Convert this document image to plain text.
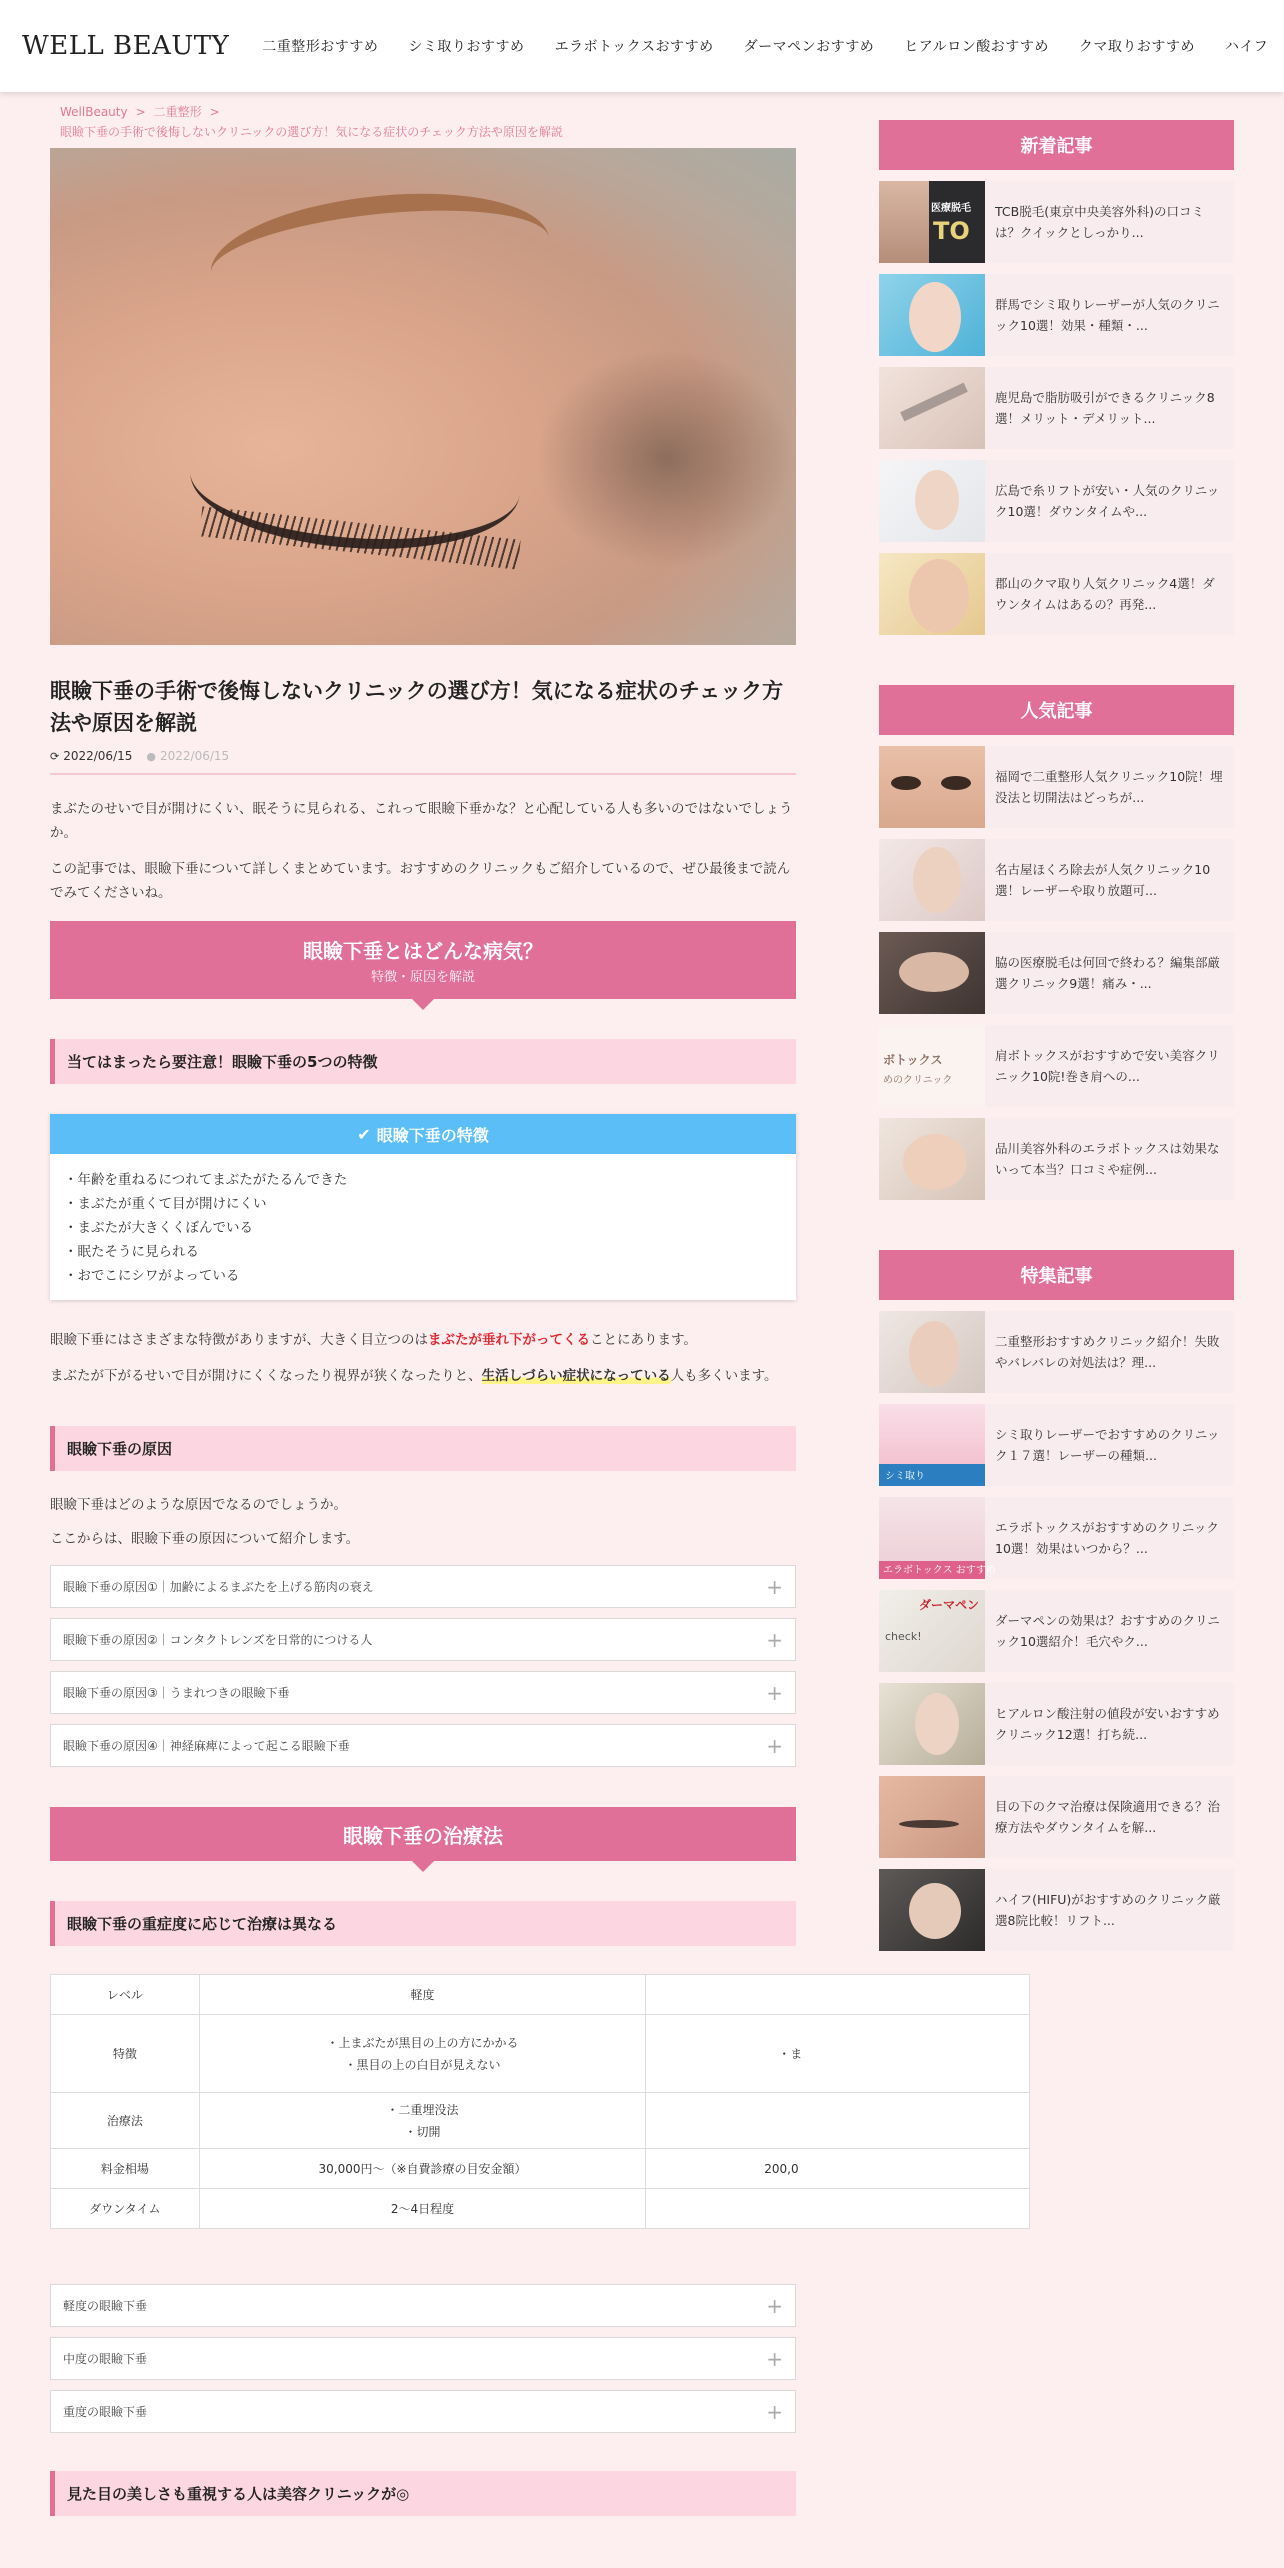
WELL BEAUTY	二重整形おすすめ	シミ取りおすすめ	エラボトックスおすすめ	ダーマペンおすすめ	ヒアルロン酸おすすめ	クマ取りおすすめ	ハイフ
WellBeauty > 二重整形 >
眼瞼下垂の手術で後悔しないクリニックの選び方！気になる症状のチェック方法や原因を解説
眼瞼下垂の手術で後悔しないクリニックの選び方！気になる症状のチェック方法や原因を解説
⟳ 2022/06/15 ● 2022/06/15

まぶたのせいで目が開けにくい、眠そうに見られる、これって眼瞼下垂かな？と心配している人も多いのではないでしょうか。

この記事では、眼瞼下垂について詳しくまとめています。おすすめのクリニックもご紹介しているので、ぜひ最後まで読んでみてくださいね。

眼瞼下垂とはどんな病気？
特徴・原因を解説
当てはまったら要注意！眼瞼下垂の5つの特徴
✔ 眼瞼下垂の特徴
・年齢を重ねるにつれてまぶたがたるんできた
・まぶたが重くて目が開けにくい
・まぶたが大きくくぼんでいる
・眠たそうに見られる
・おでこにシワがよっている

眼瞼下垂にはさまざまな特徴がありますが、大きく目立つのはまぶたが垂れ下がってくることにあります。

まぶたが下がるせいで目が開けにくくなったり視界が狭くなったりと、生活しづらい症状になっている人も多くいます。

眼瞼下垂の原因

眼瞼下垂はどのような原因でなるのでしょうか。

ここからは、眼瞼下垂の原因について紹介します。

眼瞼下垂の原因①｜加齢によるまぶたを上げる筋肉の衰え	+
眼瞼下垂の原因②｜コンタクトレンズを日常的につける人	+
眼瞼下垂の原因③｜うまれつきの眼瞼下垂	+
眼瞼下垂の原因④｜神経麻痺によって起こる眼瞼下垂	+
眼瞼下垂の治療法
眼瞼下垂の重症度に応じて治療は異なる
レベル	軽度	
特徴	・上まぶたが黒目の上の方にかかる
・黒目の上の白目が見えない	・ま
治療法	・二重埋没法
・切開	

料金相場	30,000円〜（※自費診療の目安金額）	200,0
ダウンタイム	2〜4日程度	
軽度の眼瞼下垂	+
中度の眼瞼下垂	+
重度の眼瞼下垂	+
見た目の美しさも重視する人は美容クリニックが◎
新着記事
医療脱毛
TO
TCB脱毛(東京中央美容外科)の口コミは？クイックとしっかり...
群馬でシミ取りレーザーが人気のクリニック10選！効果・種類・...
鹿児島で脂肪吸引ができるクリニック8選！メリット・デメリット...
広島で糸リフトが安い・人気のクリニック10選！ダウンタイムや...
郡山のクマ取り人気クリニック4選！ダウンタイムはあるの？再発...
人気記事
福岡で二重整形人気クリニック10院！埋没法と切開法はどっちが...
名古屋ほくろ除去が人気クリニック10選！レーザーや取り放題可...
脇の医療脱毛は何回で終わる？編集部厳選クリニック9選！痛み・...
ボトックス
めのクリニック
肩ボトックスがおすすめで安い美容クリニック10院!巻き肩への...
品川美容外科のエラボトックスは効果ないって本当？口コミや症例...
特集記事
二重整形おすすめクリニック紹介！失敗やバレバレの対処法は？理...
シミ取り
シミ取りレーザーでおすすめのクリニック１７選！レーザーの種類...
エラボトックス おすすめ
エラボトックスがおすすめのクリニック10選！効果はいつから？...
ダーマペン
check!
ダーマペンの効果は？おすすめのクリニック10選紹介！毛穴やク...
ヒアルロン酸注射の値段が安いおすすめクリニック12選！打ち続...
目の下のクマ治療は保険適用できる？治療方法やダウンタイムを解...
ハイフ(HIFU)がおすすめのクリニック厳選8院比較！リフト...
